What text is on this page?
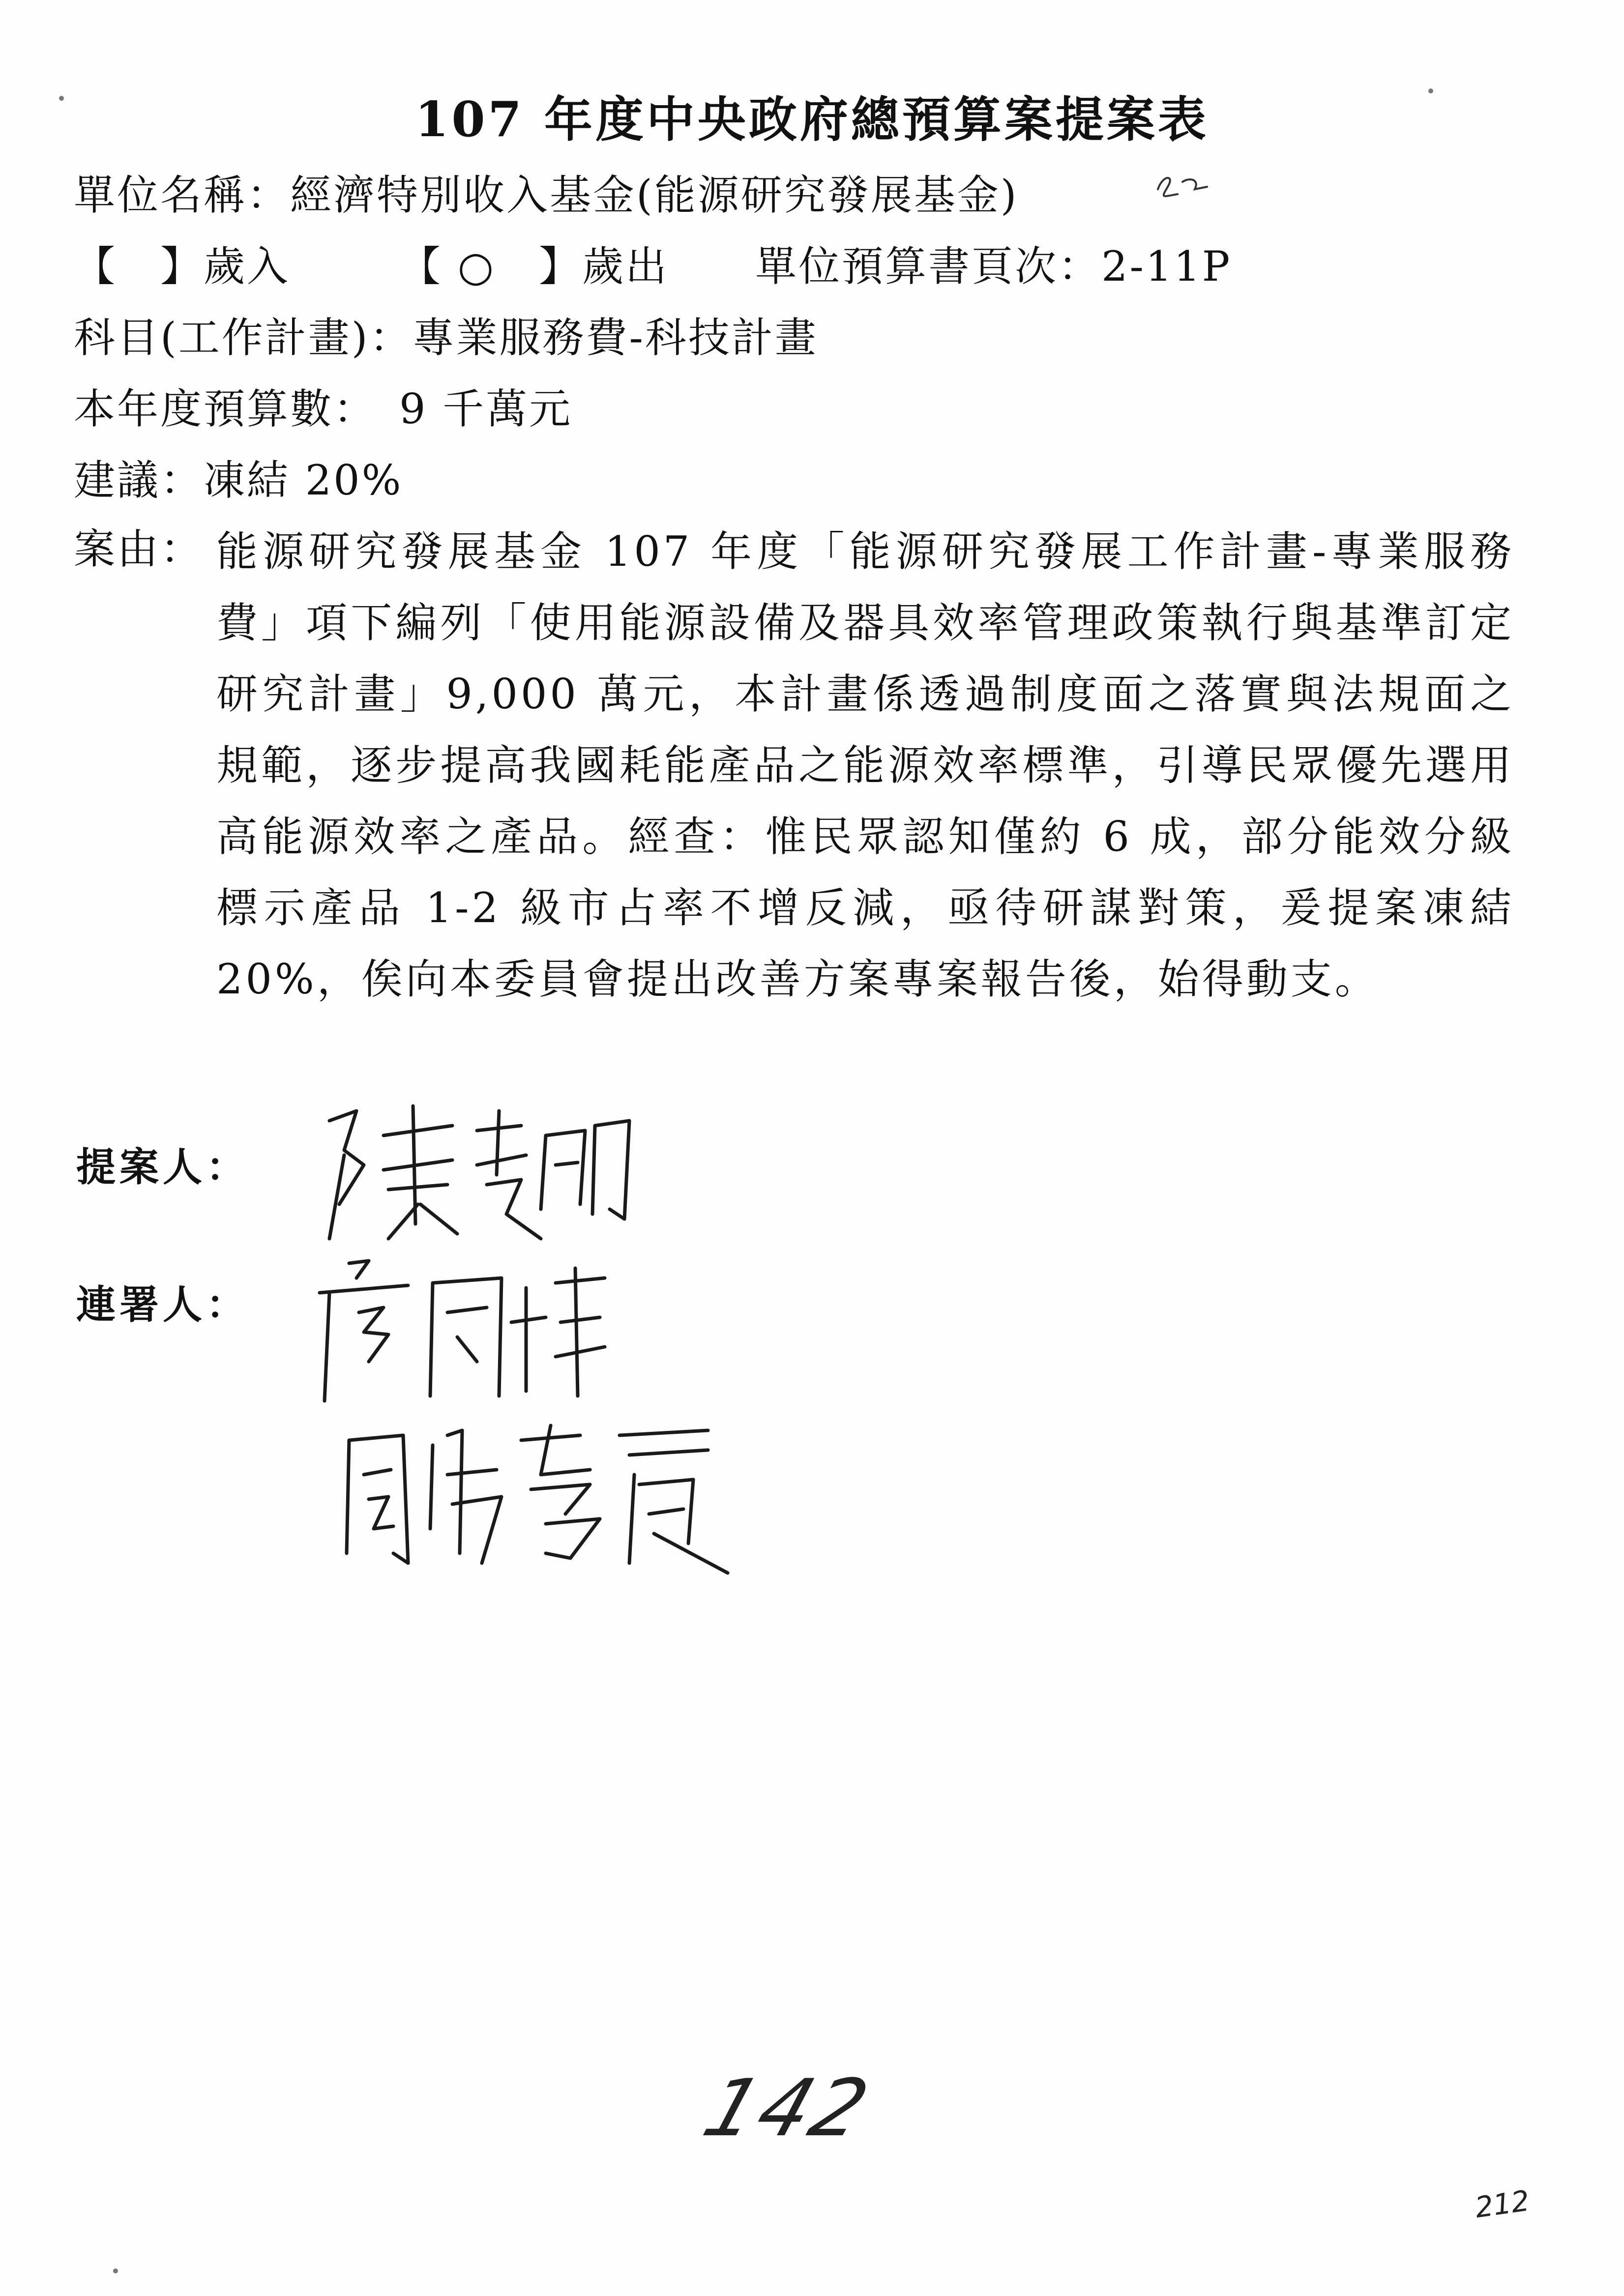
107 年度中央政府總預算案提案表
單位名稱：經濟特別收入基金(能源研究發展基金)
【　】歲入　　　【 ○　】歲出　　單位預算書頁次：2-11P
科目(工作計畫)：專業服務費-科技計畫
本年度預算數：　9 千萬元
建議：凍結 20%
案由： 能源研究發展基金 107 年度「能源研究發展工作計畫-專業服務費」項下編列「使用能源設備及器具效率管理政策執行與基準訂定研究計畫」9,000 萬元，本計畫係透過制度面之落實與法規面之規範，逐步提高我國耗能產品之能源效率標準，引導民眾優先選用高能源效率之產品。經查：惟民眾認知僅約 6 成，部分能效分級標示產品 1-2 級市占率不增反減，亟待研謀對策，爰提案凍結 20%，俟向本委員會提出改善方案專案報告後，始得動支。
提案人：
連署人：
142
212
